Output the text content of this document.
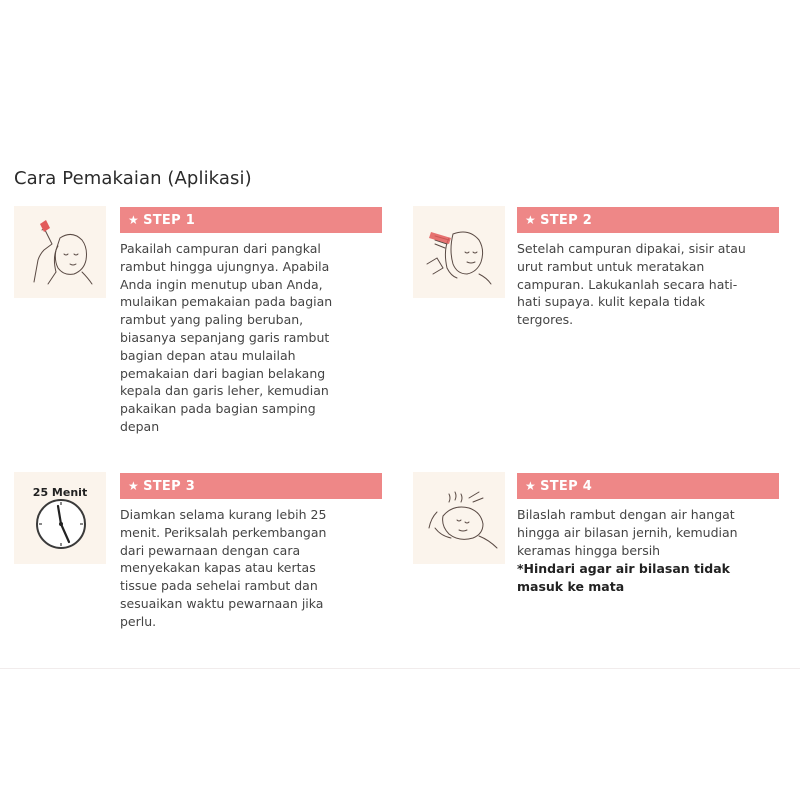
Cara Pemakaian (Aplikasi)
★ STEP 1

Pakailah campuran dari pangkal
rambut hingga ujungnya. Apabila
Anda ingin menutup uban Anda,
mulaikan pemakaian pada bagian
rambut yang paling beruban,
biasanya sepanjang garis rambut
bagian depan atau mulailah
pemakaian dari bagian belakang
kepala dan garis leher, kemudian
pakaikan pada bagian samping
depan

★ STEP 2

Setelah campuran dipakai, sisir atau
urut rambut untuk meratakan
campuran. Lakukanlah secara hati-
hati supaya. kulit kepala tidak
tergores.

25 Menit	★ STEP 3

Diamkan selama kurang lebih 25
menit. Periksalah perkembangan
dari pewarnaan dengan cara
menyekakan kapas atau kertas
tissue pada sehelai rambut dan
sesuaikan waktu pewarnaan jika
perlu.

★ STEP 4

Bilaslah rambut dengan air hangat
hingga air bilasan jernih, kemudian
keramas hingga bersih

*Hindari agar air bilasan tidak
masuk ke mata
